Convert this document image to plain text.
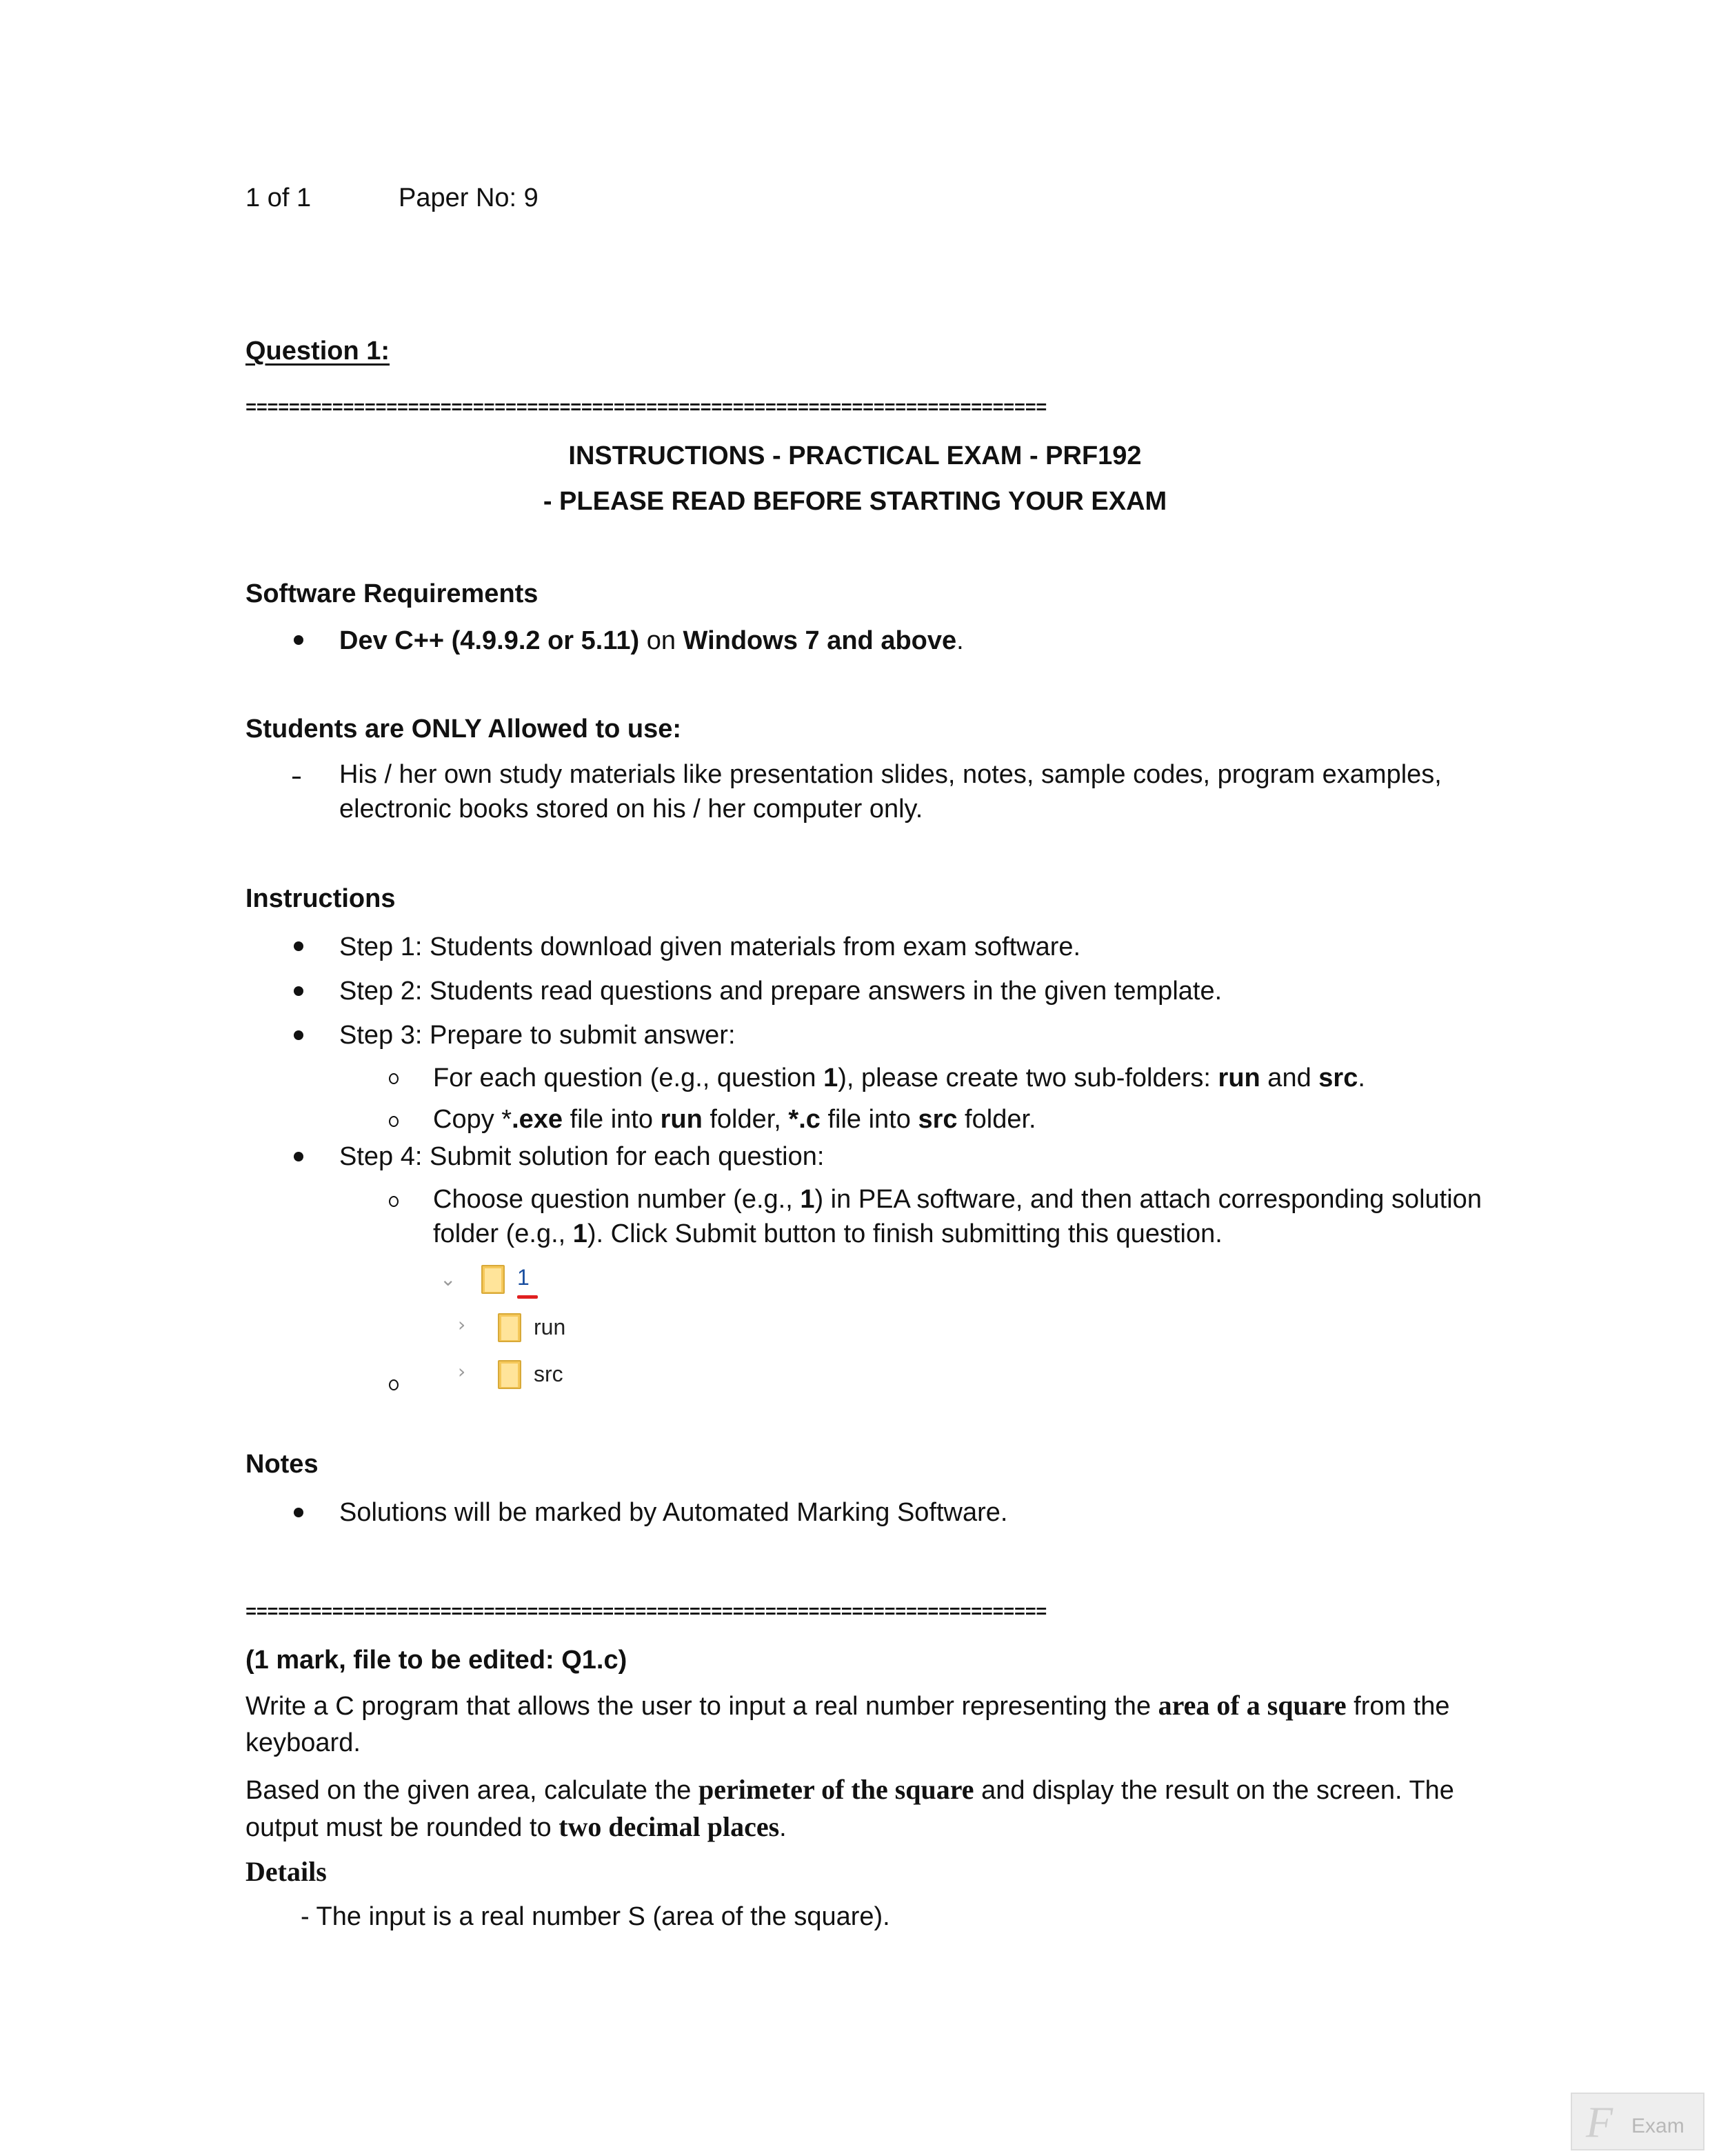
1 of 1	Paper No: 9
Question 1:
==========================================================================
INSTRUCTIONS - PRACTICAL EXAM - PRF192
- PLEASE READ BEFORE STARTING YOUR EXAM
Software Requirements
Dev C++ (4.9.9.2 or 5.11) on Windows 7 and above.
Students are ONLY Allowed to use:
His / her own study materials like presentation slides, notes, sample codes, program examples,
electronic books stored on his / her computer only.
Instructions
Step 1: Students download given materials from exam software.
Step 2: Students read questions and prepare answers in the given template.
Step 3: Prepare to submit answer:
For each question (e.g., question 1), please create two sub-folders: run and src.
Copy *.exe file into run folder, *.c file into src folder.
Step 4: Submit solution for each question:
Choose question number (e.g., 1) in PEA software, and then attach corresponding solution
folder (e.g., 1). Click Submit button to finish submitting this question.
⌄	1
›	run
›	src
Notes
Solutions will be marked by Automated Marking Software.
==========================================================================
(1 mark, file to be edited: Q1.c)
Write a C program that allows the user to input a real number representing the area of a square from the
keyboard.
Based on the given area, calculate the perimeter of the square and display the result on the screen. The
output must be rounded to two decimal places.
Details
- The input is a real number S (area of the square).
F Exam
